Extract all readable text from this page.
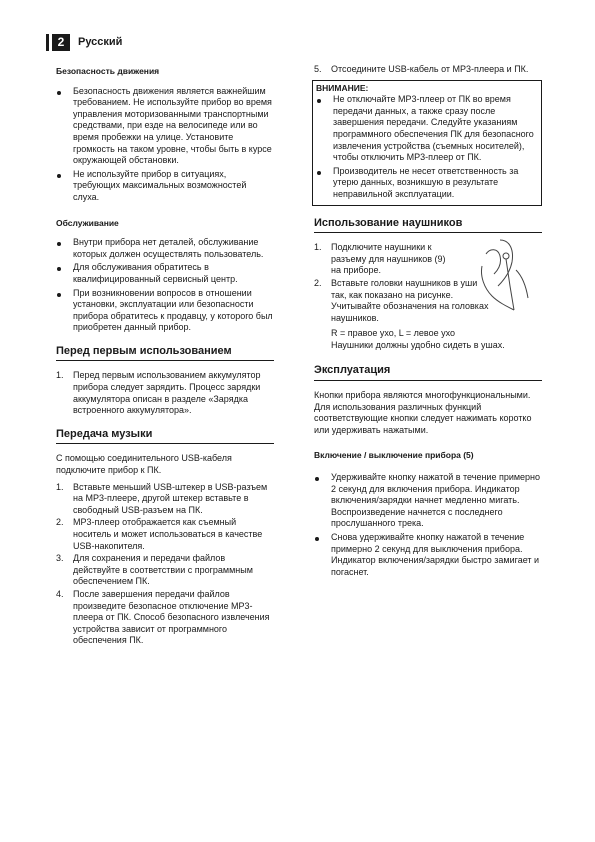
2	Русский
Безопасность движения
Безопасность движения является важнейшим требованием. Не используйте прибор во время управления моторизованными транспортными средствами, при езде на велосипеде или во время пробежки на улице. Установите громкость на таком уровне, чтобы быть в курсе окружающей обстановки.
Не используйте прибор в ситуациях, требующих максимальных возможностей слуха.
Обслуживание
Внутри прибора нет деталей, обслуживание которых должен осуществлять пользователь.
Для обслуживания обратитесь в квалифицированный сервисный центр.
При возникновении вопросов в отношении установки, эксплуатации или безопасности прибора обратитесь к продавцу, у которого был приобретен данный прибор.
Перед первым использованием
1. Перед первым использованием аккумулятор прибора следует зарядить. Процесс зарядки аккумулятора описан в разделе «Зарядка встроенного аккумулятора».
Передача музыки
С помощью соединительного USB-кабеля подключите прибор к ПК.
1. Вставьте меньший USB-штекер в USB-разъем на MP3-плеере, другой штекер вставьте в свободный USB-разъем на ПК.
2. MP3-плеер отображается как съемный носитель и может использоваться в качестве USB-накопителя.
3. Для сохранения и передачи файлов действуйте в соответствии с программным обеспечением ПК.
4. После завершения передачи файлов произведите безопасное отключение MP3-плеера от ПК. Способ безопасного извлечения устройства зависит от программного обеспечения ПК.
5. Отсоедините USB-кабель от MP3-плеера и ПК.
ВНИМАНИЕ:
Не отключайте MP3-плеер от ПК во время передачи данных, а также сразу после завершения передачи. Следуйте указаниям программного обеспечения ПК для безопасного извлечения устройства (съемных носителей), чтобы отключить MP3-плеер от ПК.
Производитель не несет ответственность за утерю данных, возникшую в результате неправильной эксплуатации.
Использование наушников
1. Подключите наушники к разъему для наушников (9) на приборе.
2. Вставьте головки наушников в уши так, как показано на рисунке. Учитывайте обозначения на головках наушников.
R = правое ухо, L = левое ухо
Наушники должны удобно сидеть в ушах.
Эксплуатация
Кнопки прибора являются многофункциональными. Для использования различных функций соответствующие кнопки следует нажимать коротко или удерживать нажатыми.
Включение / выключение прибора (5)
Удерживайте кнопку нажатой в течение примерно 2 секунд для включения прибора. Индикатор включения/зарядки начнет медленно мигать. Воспроизведение начнется с последнего прослушанного трека.
Снова удерживайте кнопку нажатой в течение примерно 2 секунд для выключения прибора. Индикатор включения/зарядки быстро замигает и погаснет.
